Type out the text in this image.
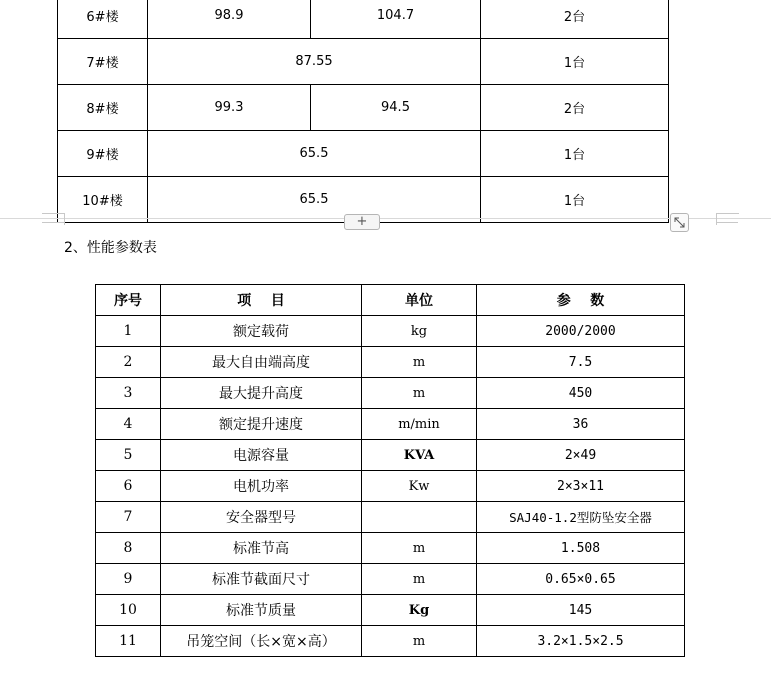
6#楼	98.9	104.7	2台
7#楼	87.55		1台
8#楼	99.3	94.5	2台
9#楼	65.5		1台
10#楼	65.5		1台
+
2、性能参数表
序号	项    目	单位	参    数
1	额定载荷	kg	2000/2000
2	最大自由端高度	m	7.5
3	最大提升高度	m	450
4	额定提升速度	m/min	36
5	电源容量	KVA	2×49
6	电机功率	Kw	2×3×11
7	安全器型号		SAJ40-1.2型防坠安全器
8	标准节高	m	1.508
9	标准节截面尺寸	m	0.65×0.65
10	标准节质量	Kg	145
11	吊笼空间（长×宽×高）	m	3.2×1.5×2.5
